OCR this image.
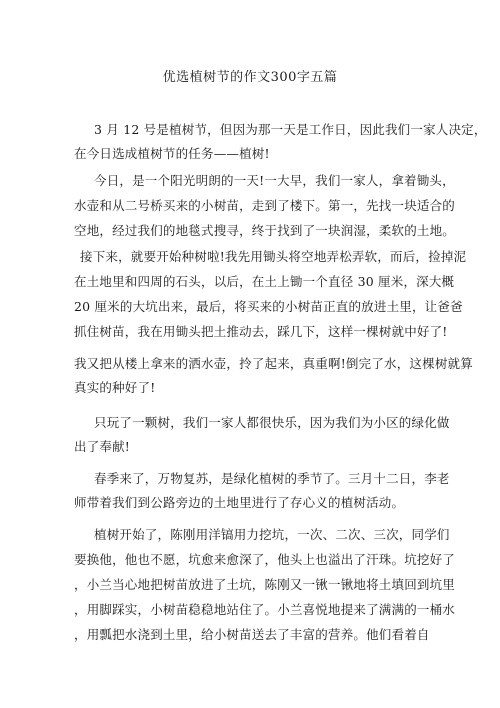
优选植树节的作文300字五篇
3 月 12 号是植树节，但因为那一天是工作日，因此我们一家人决定，
在今日选成植树节的任务——植树!
今日，是一个阳光明朗的一天!一大早，我们一家人，拿着锄头，
水壶和从二号桥买来的小树苗，走到了楼下。第一，先找一块适合的
空地，经过我们的地毯式搜寻，终于找到了一块润湿，柔软的土地。
接下来，就要开始种树啦!我先用锄头将空地弄松弄软，而后，捡掉泥
在土地里和四周的石头，以后，在土上锄一个直径 30 厘米，深大概
20 厘米的大坑出来，最后，将买来的小树苗正直的放进土里，让爸爸
抓住树苗，我在用锄头把土推动去，踩几下，这样一棵树就中好了!
我又把从楼上拿来的洒水壶，拎了起来，真重啊!倒完了水，这棵树就算
真实的种好了!
只玩了一颗树，我们一家人都很快乐，因为我们为小区的绿化做
出了奉献!
春季来了，万物复苏，是绿化植树的季节了。三月十二日，李老
师带着我们到公路旁边的土地里进行了存心义的植树活动。
植树开始了，陈刚用洋镐用力挖坑，一次、二次、三次，同学们
要换他，他也不愿，坑愈来愈深了，他头上也溢出了汗珠。坑挖好了
，小兰当心地把树苗放进了土坑，陈刚又一锹一锹地将土填回到坑里
，用脚踩实，小树苗稳稳地站住了。小兰喜悦地提来了满满的一桶水
，用瓢把水浇到土里，给小树苗送去了丰富的营养。他们看着自
